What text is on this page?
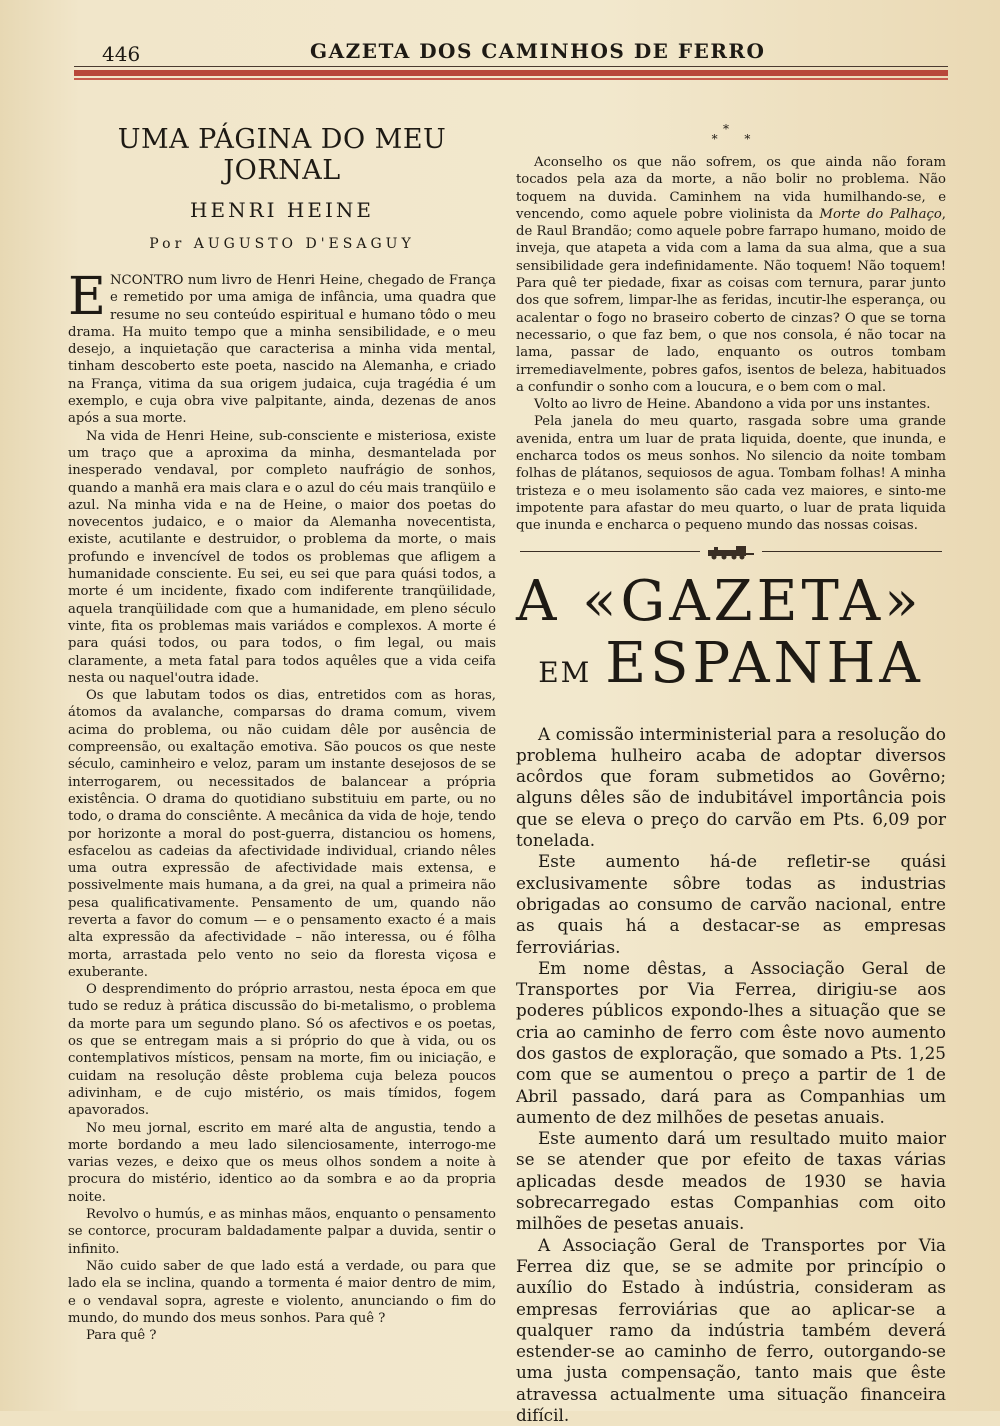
446	GAZETA DOS CAMINHOS DE FERRO
UMA PÁGINA DO MEU JORNAL
HENRI HEINE
Por AUGUSTO D'ESAGUY

ENCONTRO num livro de Henri Heine, chegado de França e remetido por uma amiga de infância, uma quadra que resume no seu conteúdo espiritual e humano tôdo o meu drama. Ha muito tempo que a minha sensibilidade, e o meu desejo, a inquietação que caracterisa a minha vida mental, tinham descoberto este poeta, nascido na Alemanha, e criado na França, vitima da sua origem judaica, cuja tragédia é um exemplo, e cuja obra vive palpitante, ainda, dezenas de anos após a sua morte.

Na vida de Henri Heine, sub-consciente e misteriosa, existe um traço que a aproxima da minha, desmantelada por inesperado vendaval, por completo naufrágio de sonhos, quando a manhã era mais clara e o azul do céu mais tranqüilo e azul. Na minha vida e na de Heine, o maior dos poetas do novecentos judaico, e o maior da Alemanha novecentista, existe, acutilante e destruidor, o problema da morte, o mais profundo e invencível de todos os problemas que afligem a humanidade consciente. Eu sei, eu sei que para quási todos, a morte é um incidente, fixado com indiferente tranqüilidade, aquela tranqüilidade com que a humanidade, em pleno século vinte, fita os problemas mais variádos e complexos. A morte é para quási todos, ou para todos, o fim legal, ou mais claramente, a meta fatal para todos aquêles que a vida ceifa nesta ou naquel'outra idade.

Os que labutam todos os dias, entretidos com as horas, átomos da avalanche, comparsas do drama comum, vivem acima do problema, ou não cuidam dêle por ausência de compreensão, ou exaltação emotiva. São poucos os que neste século, caminheiro e veloz, param um instante desejosos de se interrogarem, ou necessitados de balancear a própria existência. O drama do quotidiano substituiu em parte, ou no todo, o drama do consciênte. A mecânica da vida de hoje, tendo por horizonte a moral do post-guerra, distanciou os homens, esfacelou as cadeias da afectividade individual, criando nêles uma outra expressão de afectividade mais extensa, e possivelmente mais humana, a da grei, na qual a primeira não pesa qualificativamente. Pensamento de um, quando não reverta a favor do comum — e o pensamento exacto é a mais alta expressão da afectividade – não interessa, ou é fôlha morta, arrastada pelo vento no seio da floresta viçosa e exuberante.

O desprendimento do próprio arrastou, nesta época em que tudo se reduz à prática discussão do bi-metalismo, o problema da morte para um segundo plano. Só os afectivos e os poetas, os que se entregam mais a si próprio do que à vida, ou os contemplativos místicos, pensam na morte, fim ou iniciação, e cuidam na resolução dêste problema cuja beleza poucos adivinham, e de cujo mistério, os mais tímidos, fogem apavorados.

No meu jornal, escrito em maré alta de angustia, tendo a morte bordando a meu lado silenciosamente, interrogo-me varias vezes, e deixo que os meus olhos sondem a noite à procura do mistério, identico ao da sombra e ao da propria noite.

Revolvo o humús, e as minhas mãos, enquanto o pensamento se contorce, procuram baldadamente palpar a duvida, sentir o infinito.

Não cuido saber de que lado está a verdade, ou para que lado ela se inclina, quando a tormenta é maior dentro de mim, e o vendaval sopra, agreste e violento, anunciando o fim do mundo, do mundo dos meus sonhos. Para quê ?

Para quê ?

*
* *

Aconselho os que não sofrem, os que ainda não foram tocados pela aza da morte, a não bolir no problema. Não toquem na duvida. Caminhem na vida humilhando-se, e vencendo, como aquele pobre violinista da Morte do Palhaço, de Raul Brandão; como aquele pobre farrapo humano, moido de inveja, que atapeta a vida com a lama da sua alma, que a sua sensibilidade gera indefinidamente. Não toquem! Não toquem! Para quê ter piedade, fixar as coisas com ternura, parar junto dos que sofrem, limpar-lhe as feridas, incutir-lhe esperança, ou acalentar o fogo no braseiro coberto de cinzas? O que se torna necessario, o que faz bem, o que nos consola, é não tocar na lama, passar de lado, enquanto os outros tombam irremediavelmente, pobres gafos, isentos de beleza, habituados a confundir o sonho com a loucura, e o bem com o mal.

Volto ao livro de Heine. Abandono a vida por uns instantes.

Pela janela do meu quarto, rasgada sobre uma grande avenida, entra um luar de prata liquida, doente, que inunda, e encharca todos os meus sonhos. No silencio da noite tombam folhas de plátanos, sequiosos de agua. Tombam folhas! A minha tristeza e o meu isolamento são cada vez maiores, e sinto-me impotente para afastar do meu quarto, o luar de prata liquida que inunda e encharca o pequeno mundo das nossas coisas.

A «GAZETA»
EM ESPANHA

A comissão interministerial para a resolução do problema hulheiro acaba de adoptar diversos acôrdos que foram submetidos ao Govêrno; alguns dêles são de indubitável importância pois que se eleva o preço do carvão em Pts. 6,09 por tonelada.

Este aumento há-de refletir-se quási exclusivamente sôbre todas as industrias obrigadas ao consumo de carvão nacional, entre as quais há a destacar-se as empresas ferroviárias.

Em nome dêstas, a Associação Geral de Transportes por Via Ferrea, dirigiu-se aos poderes públicos expondo-lhes a situação que se cria ao caminho de ferro com êste novo aumento dos gastos de exploração, que somado a Pts. 1,25 com que se aumentou o preço a partir de 1 de Abril passado, dará para as Companhias um aumento de dez milhões de pesetas anuais.

Este aumento dará um resultado muito maior se se atender que por efeito de taxas várias aplicadas desde meados de 1930 se havia sobrecarregado estas Companhias com oito milhões de pesetas anuais.

A Associação Geral de Transportes por Via Ferrea diz que, se se admite por princípio o auxílio do Estado à indústria, consideram as empresas ferroviárias que ao aplicar-se a qualquer ramo da indústria também deverá estender-se ao caminho de ferro, outorgando-se uma justa compensação, tanto mais que êste atravessa actualmente uma situação financeira difícil.
